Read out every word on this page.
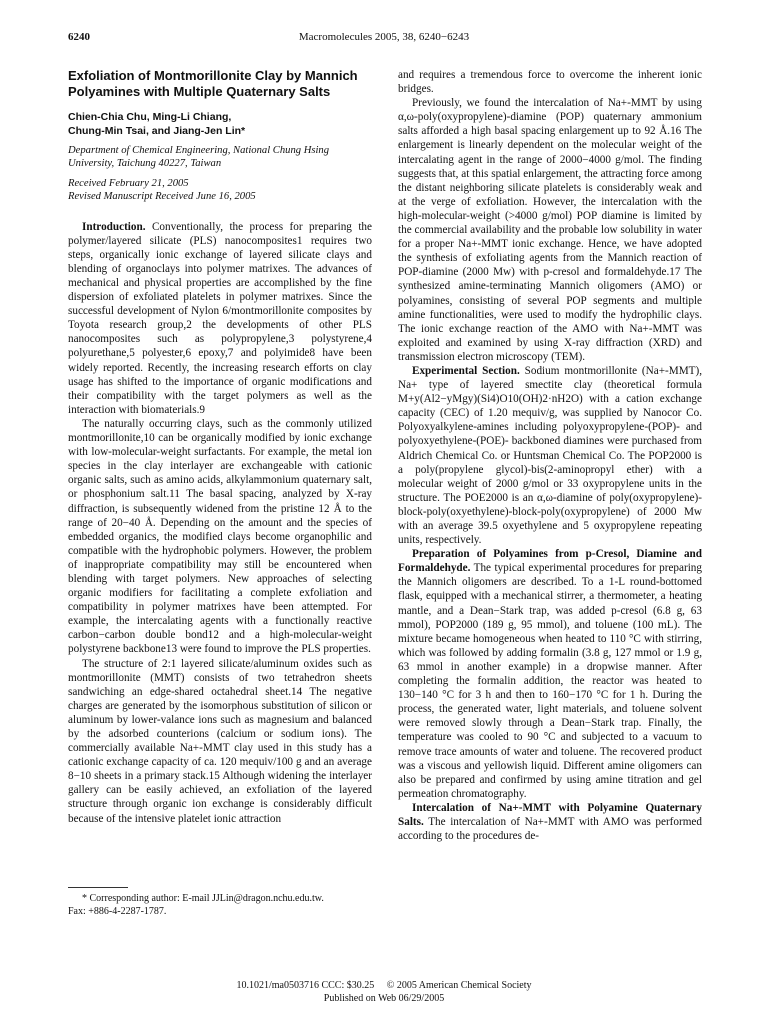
6240	Macromolecules 2005, 38, 6240−6243
Exfoliation of Montmorillonite Clay by Mannich Polyamines with Multiple Quaternary Salts
Chien-Chia Chu, Ming-Li Chiang,
Chung-Min Tsai, and Jiang-Jen Lin*
Department of Chemical Engineering, National Chung Hsing University, Taichung 40227, Taiwan
Received February 21, 2005
Revised Manuscript Received June 16, 2005

Introduction. Conventionally, the process for preparing the polymer/layered silicate (PLS) nanocomposites1 requires two steps, organically ionic exchange of layered silicate clays and blending of organoclays into polymer matrixes. The advances of mechanical and physical properties are accomplished by the fine dispersion of exfoliated platelets in polymer matrixes. Since the successful development of Nylon 6/montmorillonite composites by Toyota research group,2 the developments of other PLS nanocomposites such as polypropylene,3 polystyrene,4 polyurethane,5 polyester,6 epoxy,7 and polyimide8 have been widely reported. Recently, the increasing research efforts on clay usage has shifted to the importance of organic modifications and their compatibility with the target polymers as well as the interaction with biomaterials.9

The naturally occurring clays, such as the commonly utilized montmorillonite,10 can be organically modified by ionic exchange with low-molecular-weight surfactants. For example, the metal ion species in the clay interlayer are exchangeable with cationic organic salts, such as amino acids, alkylammonium quaternary salt, or phosphonium salt.11 The basal spacing, analyzed by X-ray diffraction, is subsequently widened from the pristine 12 Å to the range of 20−40 Å. Depending on the amount and the species of embedded organics, the modified clays become organophilic and compatible with the hydrophobic polymers. However, the problem of inappropriate compatibility may still be encountered when blending with target polymers. New approaches of selecting organic modifiers for facilitating a complete exfoliation and compatibility in polymer matrixes have been attempted. For example, the intercalating agents with a functionally reactive carbon−carbon double bond12 and a high-molecular-weight polystyrene backbone13 were found to improve the PLS properties.

The structure of 2:1 layered silicate/aluminum oxides such as montmorillonite (MMT) consists of two tetrahedron sheets sandwiching an edge-shared octahedral sheet.14 The negative charges are generated by the isomorphous substitution of silicon or aluminum by lower-valance ions such as magnesium and balanced by the adsorbed counterions (calcium or sodium ions). The commercially available Na+-MMT clay used in this study has a cationic exchange capacity of ca. 120 mequiv/100 g and an average 8−10 sheets in a primary stack.15 Although widening the interlayer gallery can be easily achieved, an exfoliation of the layered structure through organic ion exchange is considerably difficult because of the intensive platelet ionic attraction

and requires a tremendous force to overcome the inherent ionic bridges.

Previously, we found the intercalation of Na+-MMT by using α,ω-poly(oxypropylene)-diamine (POP) quaternary ammonium salts afforded a high basal spacing enlargement up to 92 Å.16 The enlargement is linearly dependent on the molecular weight of the intercalating agent in the range of 2000−4000 g/mol. The finding suggests that, at this spatial enlargement, the attracting force among the distant neighboring silicate platelets is considerably weak and at the verge of exfoliation. However, the intercalation with the high-molecular-weight (>4000 g/mol) POP diamine is limited by the commercial availability and the probable low solubility in water for a proper Na+-MMT ionic exchange. Hence, we have adopted the synthesis of exfoliating agents from the Mannich reaction of POP-diamine (2000 Mw) with p-cresol and formaldehyde.17 The synthesized amine-terminating Mannich oligomers (AMO) or polyamines, consisting of several POP segments and multiple amine functionalities, were used to modify the hydrophilic clays. The ionic exchange reaction of the AMO with Na+-MMT was exploited and examined by using X-ray diffraction (XRD) and transmission electron microscopy (TEM).

Experimental Section. Sodium montmorillonite (Na+-MMT), Na+ type of layered smectite clay (theoretical formula M+y(Al2−yMgy)(Si4)O10(OH)2·nH2O) with a cation exchange capacity (CEC) of 1.20 mequiv/g, was supplied by Nanocor Co. Polyoxyalkylene-amines including polyoxypropylene-(POP)- and polyoxyethylene-(POE)- backboned diamines were purchased from Aldrich Chemical Co. or Huntsman Chemical Co. The POP2000 is a poly(propylene glycol)-bis(2-aminopropyl ether) with a molecular weight of 2000 g/mol or 33 oxypropylene units in the structure. The POE2000 is an α,ω-diamine of poly(oxypropylene)-block-poly(oxyethylene)-block-poly(oxypropylene) of 2000 Mw with an average 39.5 oxyethylene and 5 oxypropylene repeating units, respectively.

Preparation of Polyamines from p-Cresol, Diamine and Formaldehyde. The typical experimental procedures for preparing the Mannich oligomers are described. To a 1-L round-bottomed flask, equipped with a mechanical stirrer, a thermometer, a heating mantle, and a Dean−Stark trap, was added p-cresol (6.8 g, 63 mmol), POP2000 (189 g, 95 mmol), and toluene (100 mL). The mixture became homogeneous when heated to 110 °C with stirring, which was followed by adding formalin (3.8 g, 127 mmol or 1.9 g, 63 mmol in another example) in a dropwise manner. After completing the formalin addition, the reactor was heated to 130−140 °C for 3 h and then to 160−170 °C for 1 h. During the process, the generated water, light materials, and toluene solvent were removed slowly through a Dean−Stark trap. Finally, the temperature was cooled to 90 °C and subjected to a vacuum to remove trace amounts of water and toluene. The recovered product was a viscous and yellowish liquid. Different amine oligomers can also be prepared and confirmed by using amine titration and gel permeation chromatography.

Intercalation of Na+-MMT with Polyamine Quaternary Salts. The intercalation of Na+-MMT with AMO was performed according to the procedures de-

* Corresponding author: E-mail JJLin@dragon.nchu.edu.tw.
Fax: +886-4-2287-1787.
10.1021/ma0503716 CCC: $30.25     © 2005 American Chemical Society
Published on Web 06/29/2005
